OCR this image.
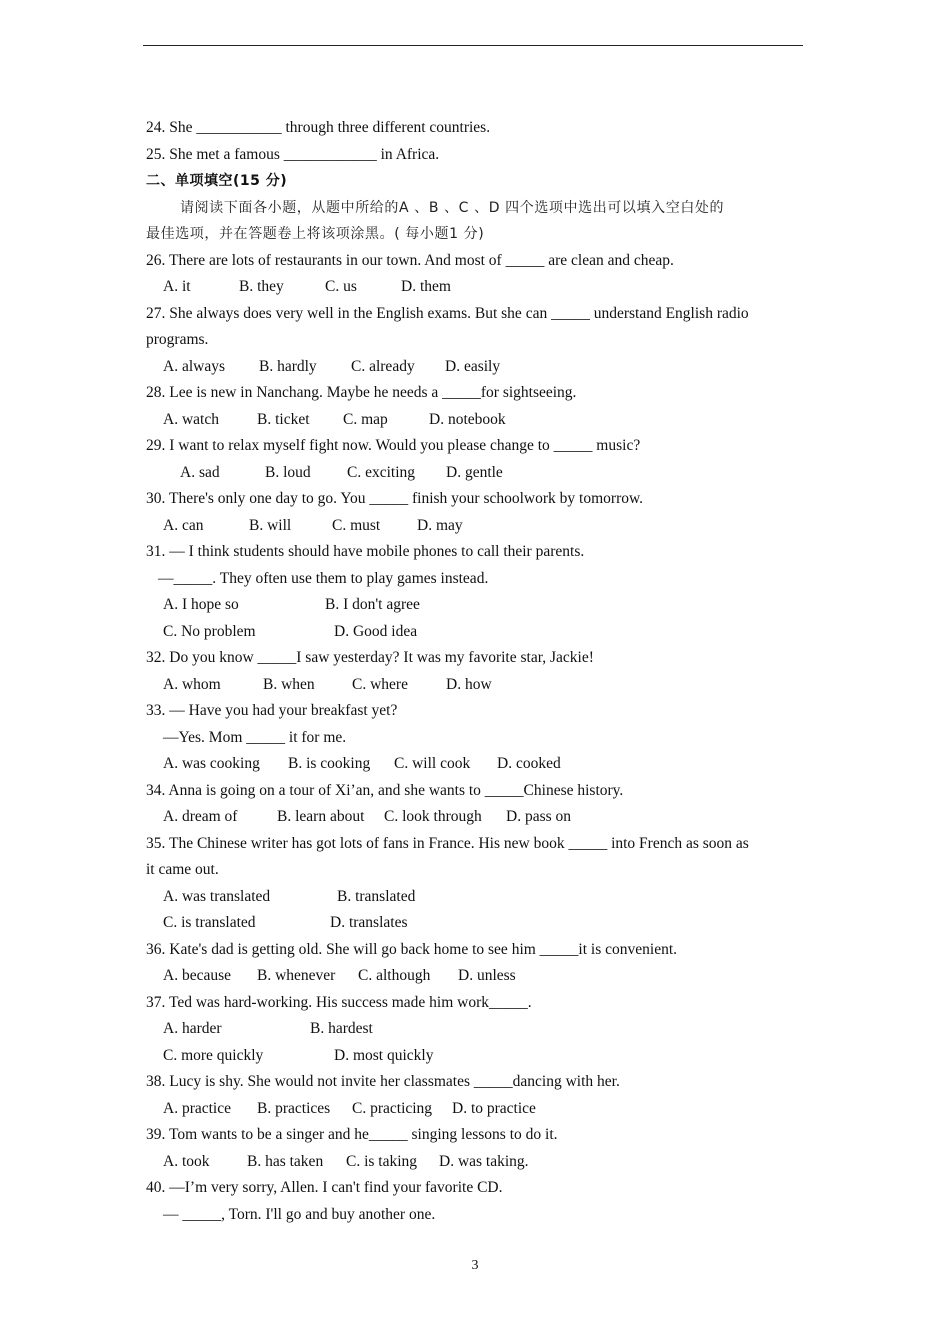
24. She ___________ through three different countries.
25. She met a famous ____________ in Africa.
二、单项填空(15 分)
请阅读下面各小题，从题中所给的A 、B 、C 、D 四个选项中选出可以填入空白处的
最佳选项，并在答题卷上将该项涂黑。( 每小题1 分)
26. There are lots of restaurants in our town. And most of _____ are clean and cheap.
A. it	B. they	C. us	D. them
27. She always does very well in the English exams. But she can _____ understand English radio
programs.
A. always B. hardly C. already D. easily
28. Lee is new in Nanchang. Maybe he needs a _____for sightseeing.
A. watch B. ticket C. map	D. notebook
29. I want to relax myself fight now. Would you please change to _____ music?
A. sad	B. loud C. exciting D. gentle
30. There's only one day to go. You _____ finish your schoolwork by tomorrow.
A. can	B. will	C. must D. may
31. — I think students should have mobile phones to call their parents.
—_____. They often use them to play games instead.
A. I hope so	B. I don't agree
C. No problem	D. Good idea
32. Do you know _____I saw yesterday? It was my favorite star, Jackie!
A. whom	B. when C. where D. how
33. — Have you had your breakfast yet?
—Yes. Mom _____ it for me.
A. was cooking B. is cooking C. will cook D. cooked
34. Anna is going on a tour of Xi’an, and she wants to _____Chinese history.
A. dream of	B. learn about C. look through D. pass on
35. The Chinese writer has got lots of fans in France. His new book _____ into French as soon as
it came out.
A. was translated	B. translated
C. is translated	D. translates
36. Kate's dad is getting old. She will go back home to see him _____it is convenient.
A. because B. whenever C. although D. unless
37. Ted was hard-working. His success made him work_____.
A. harder	B. hardest
C. more quickly	D. most quickly
38. Lucy is shy. She would not invite her classmates _____dancing with her.
A. practice B. practices C. practicing D. to practice
39. Tom wants to be a singer and he_____ singing lessons to do it.
A. took B. has taken C. is taking D. was taking.
40. —I’m very sorry, Allen. I can't find your favorite CD.
— _____, Torn. I'll go and buy another one.
3
